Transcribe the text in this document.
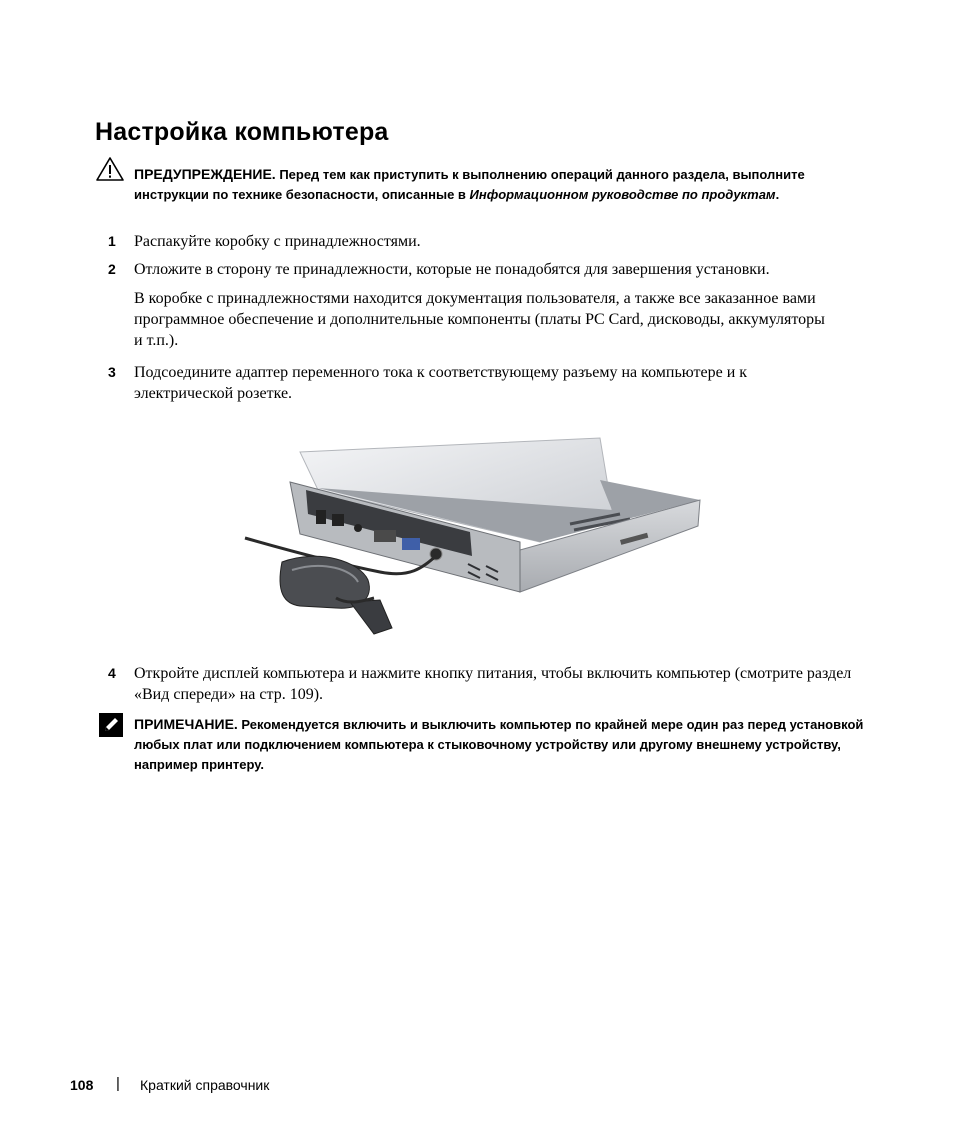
Настройка компьютера
ПРЕДУПРЕЖДЕНИЕ. Перед тем как приступить к выполнению операций данного раздела, выполните инструкции по технике безопасности, описанные в Информационном руководстве по продуктам.
1 Распакуйте коробку с принадлежностями.

2 Отложите в сторону те принадлежности, которые не понадобятся для завершения установки.

В коробке с принадлежностями находится документация пользователя, а также все заказанное вами программное обеспечение и дополнительные компоненты (платы PC Card, дисководы, аккумуляторы и т.п.).

3 Подсоедините адаптер переменного тока к соответствующему разъему на компьютере и к электрической розетке.

4 Откройте дисплей компьютера и нажмите кнопку питания, чтобы включить компьютер (смотрите раздел «Вид спереди» на стр. 109).

ПРИМЕЧАНИЕ. Рекомендуется включить и выключить компьютер по крайней мере один раз перед установкой любых плат или подключением компьютера к стыковочному устройству или другому внешнему устройству, например принтеру.
108 | Краткий справочник
